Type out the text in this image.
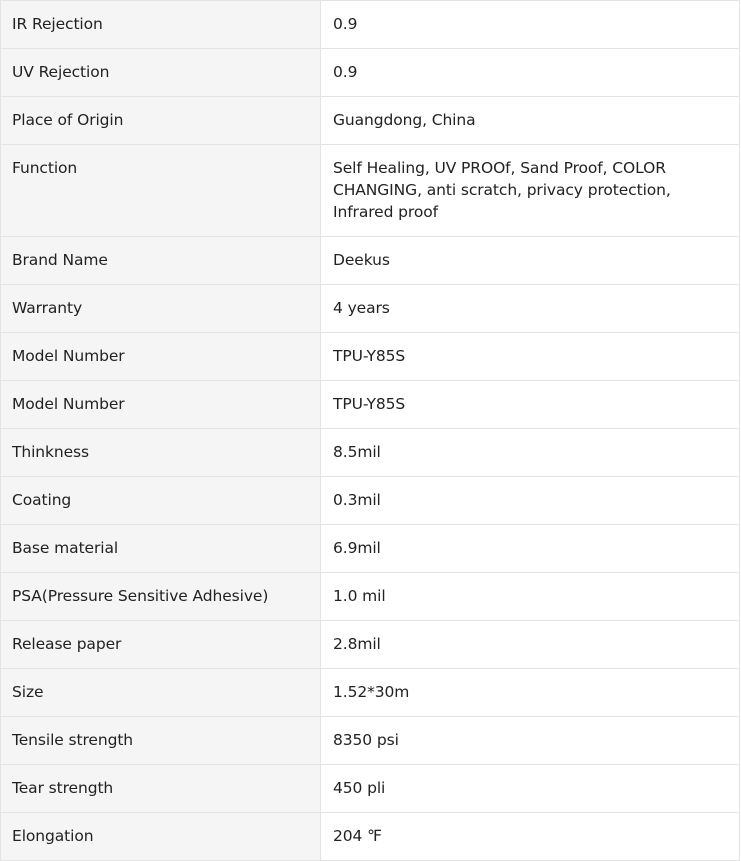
IR Rejection	0.9
UV Rejection	0.9
Place of Origin	Guangdong, China
Function	Self Healing, UV PROOf, Sand Proof, COLOR CHANGING, anti scratch, privacy protection, Infrared proof
Brand Name	Deekus
Warranty	4 years
Model Number	TPU-Y85S
Model Number	TPU-Y85S
Thinkness	8.5mil
Coating	0.3mil
Base material	6.9mil
PSA(Pressure Sensitive Adhesive)	1.0 mil
Release paper	2.8mil
Size	1.52*30m
Tensile strength	8350 psi
Tear strength	450 pli
Elongation	204 ℉
